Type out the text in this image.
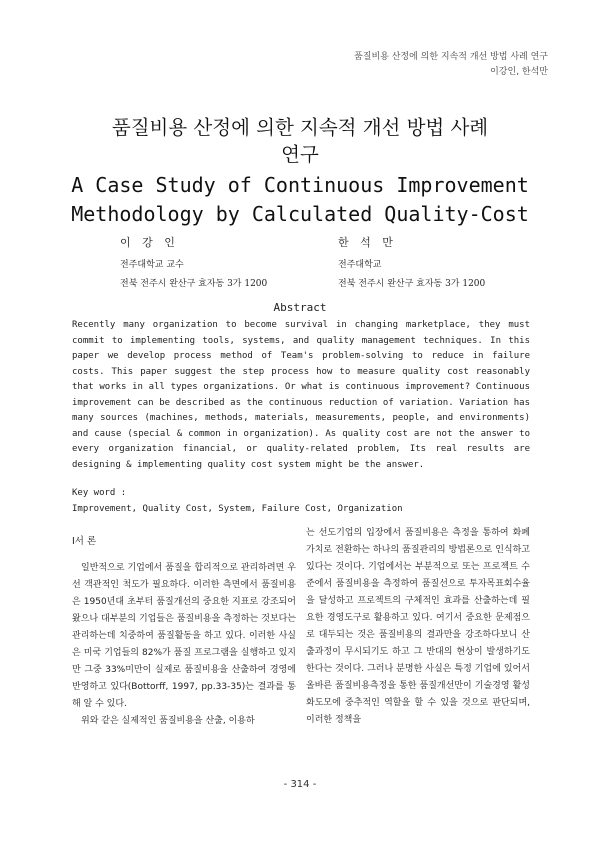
품질비용 산정에 의한 지속적 개선 방법 사례 연구
이강인, 한석만
품질비용 산정에 의한 지속적 개선 방법 사례
연구
A Case Study of Continuous Improvement
Methodology by Calculated Quality-Cost
이 강 인
전주대학교 교수
전북 전주시 완산구 효자동 3가 1200
한 석 만
전주대학교
전북 전주시 완산구 효자동 3가 1200
Abstract
Recently many organization to become survival in changing marketplace, they must commit to implementing tools, systems, and quality management techniques. In this paper we develop process method of Team's problem-solving to reduce in failure costs. This paper suggest the step process how to measure quality cost reasonably that works in all types organizations. Or what is continuous improvement? Continuous improvement can be described as the continuous reduction of variation. Variation has many sources (machines, methods, materials, measurements, people, and environments) and cause (special & common in organization). As quality cost are not the answer to every organization financial, or quality-related problem, Its real results are designing & implementing quality cost system might be the answer.
Key word :
Improvement, Quality Cost, System, Failure Cost, Organization
Ⅰ서 론

일반적으로 기업에서 품질을 합리적으로 관리하려면 우선 객관적인 척도가 필요하다. 이러한 측면에서 품질비용은 1950년대 초부터 품질개선의 중요한 지표로 강조되어 왔으나 대부분의 기업들은 품질비용을 측정하는 것보다는 관리하는데 치중하여 품질활동을 하고 있다. 이러한 사실은 미국 기업들의 82%가 품질 프로그램을 실행하고 있지만 그중 33%미만이 실제로 품질비용을 산출하여 경영에 반영하고 있다(Bottorff, 1997, pp.33-35)는 결과를 통해 알 수 있다.

위와 같은 실제적인 품질비용을 산출, 이용하

는 선도기업의 입장에서 품질비용은 측정을 통하여 화폐가치로 전환하는 하나의 품질관리의 방법론으로 인식하고 있다는 것이다. 기업에서는 부분적으로 또는 프로젝트 수준에서 품질비용을 측정하여 품질선으로 투자목표회수율을 달성하고 프로젝트의 구체적인 효과를 산출하는데 필요한 경영도구로 활용하고 있다. 여기서 중요한 문제점으로 대두되는 것은 품질비용의 결과만을 강조하다보니 산출과정이 무시되기도 하고 그 반대의 현상이 발생하기도 한다는 것이다. 그러나 분명한 사실은 특정 기업에 있어서 올바른 품질비용측정을 통한 품질개선만이 기술경영 활성화도모에 중추적인 역할을 할 수 있을 것으로 판단되며, 이러한 정책을

- 314 -
